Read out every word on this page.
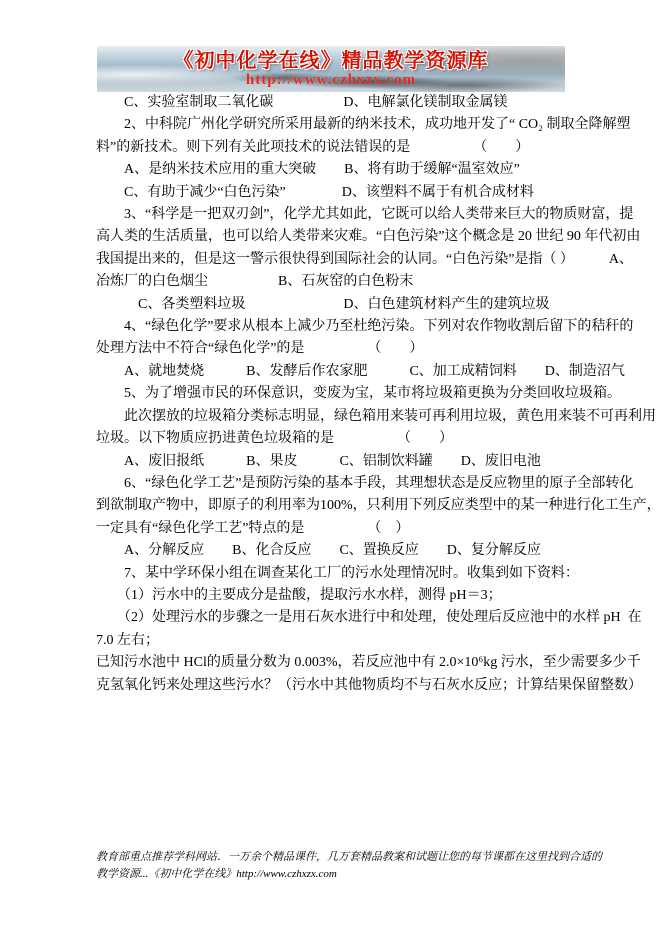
《初中化学在线》精品教学资源库
http://www.czhxzx.com
　　C、实验室制取二氧化碳　　　　　D、电解氯化镁制取金属镁
　　2、中科院广州化学研究所采用最新的纳米技术，成功地开发了“ CO₂ 制取全降解塑
料”的新技术。则下列有关此项技术的说法错误的是　　　　　（　　）
　　A、是纳米技术应用的重大突破　　B、将有助于缓解“温室效应”
　　C、有助于减少“白色污染”　　　　D、该塑料不属于有机合成材料
　　3、“科学是一把双刃剑”，化学尤其如此，它既可以给人类带来巨大的物质财富，提
高人类的生活质量，也可以给人类带来灾难。“白色污染”这个概念是 20 世纪 90 年代初由
我国提出来的，但是这一警示很快得到国际社会的认同。“白色污染”是指（ ）　　　A、
冶炼厂的白色烟尘　　　　　B、石灰窑的白色粉末
　　　C、各类塑料垃圾　　　　　　　D、白色建筑材料产生的建筑垃圾
　　4、“绿色化学”要求从根本上减少乃至杜绝污染。下列对农作物收割后留下的秸秆的
处理方法中不符合“绿色化学”的是　　　　　（　　）
　　A、就地焚烧　　　B、发酵后作农家肥　　　C、加工成精饲料　　D、制造沼气
　　5、为了增强市民的环保意识，变废为宝，某市将垃圾箱更换为分类回收垃圾箱。
　　此次摆放的垃圾箱分类标志明显，绿色箱用来装可再利用垃圾，黄色用来装不可再利用
垃圾。以下物质应扔进黄色垃圾箱的是　　　　　（　　）
　　A、废旧报纸　　　B、果皮　　　C、铝制饮料罐　　D、废旧电池
　　6、“绿色化学工艺”是预防污染的基本手段，其理想状态是反应物里的原子全部转化
到欲制取产物中，即原子的利用率为100%，只利用下列反应类型中的某一种进行化工生产，
一定具有“绿色化学工艺”特点的是　　　　　（　）
　　A、分解反应　　B、化合反应　　C、置换反应　　D、复分解反应
　　7、某中学环保小组在调查某化工厂的污水处理情况时。收集到如下资料：
　　（1）污水中的主要成分是盐酸，提取污水水样，测得 pH＝3；
　　（2）处理污水的步骤之一是用石灰水进行中和处理，使处理后反应池中的水样 pH  在
7.0 左右；
已知污水池中 HCl的质量分数为 0.003%，若反应池中有 2.0×10⁶kg 污水，至少需要多少千
克氢氧化钙来处理这些污水？（污水中其他物质均不与石灰水反应；计算结果保留整数）
教育部重点推荐学科网站．一万余个精品课件，几万套精品教案和试题让您的每节课都在这里找到合适的
教学资源...《初中化学在线》http://www.czhxzx.com
